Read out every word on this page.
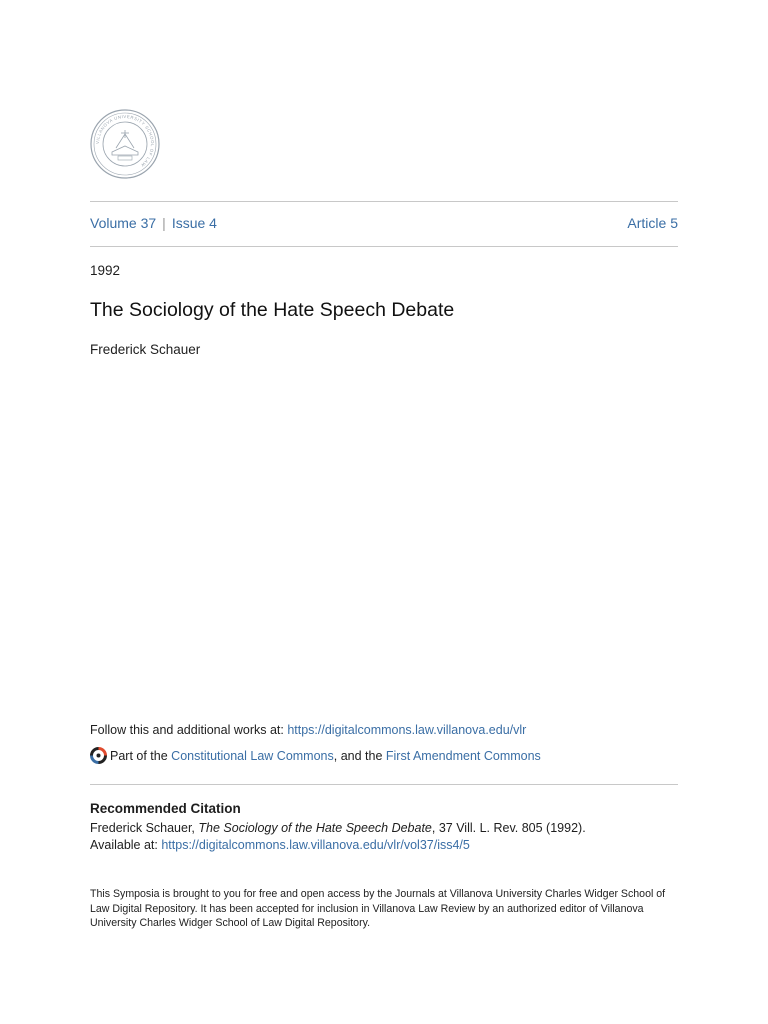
VILLANOVA UNIVERSITY SCHOOL OF LAW
Volume 37 | Issue 4	Article 5
1992
The Sociology of the Hate Speech Debate
Frederick Schauer
Follow this and additional works at: https://digitalcommons.law.villanova.edu/vlr
Part of the
Constitutional Law Commons , and the
First Amendment Commons
Recommended Citation
Frederick Schauer, The Sociology of the Hate Speech Debate, 37 Vill. L. Rev. 805 (1992).
Available at: https://digitalcommons.law.villanova.edu/vlr/vol37/iss4/5
This Symposia is brought to you for free and open access by the Journals at Villanova University Charles Widger School of Law Digital Repository. It has been accepted for inclusion in Villanova Law Review by an authorized editor of Villanova University Charles Widger School of Law Digital Repository.
